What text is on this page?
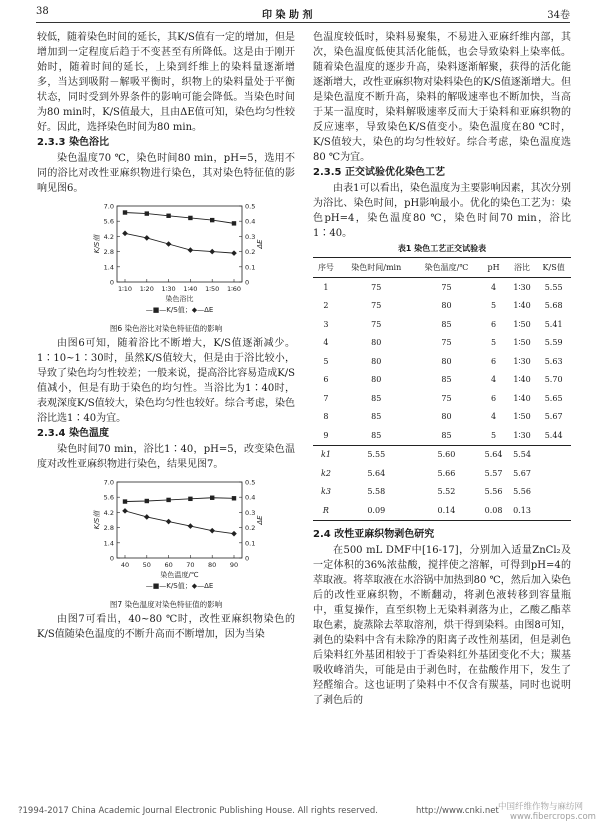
38	印 染 助 剂	34卷

较低，随着染色时间的延长，其K/S值有一定的增加，但是增加到一定程度后趋于不变甚至有所降低。这是由于刚开始时，随着时间的延长，上染到纤维上的染料量逐渐增多，当达到吸附－解吸平衡时，织物上的染料量处于平衡状态，同时受到外界条件的影响可能会降低。当染色时间为80 min时，K/S值最大，且由ΔE值可知，染色均匀性较好。因此，选择染色时间为80 min。

2.3.3 染色浴比

染色温度70 ℃，染色时间80 min，pH=5，选用不同的浴比对改性亚麻织物进行染色，其对染色特征值的影响见图6。

0
1.4
2.8
4.2
5.6
7.0
0
0.1
0.2
0.3
0.4
0.5
1∶10 1∶20 1∶30 1∶40 1∶50 1∶60
K/S值	ΔE
染色浴比
—■—K/S值；◆—ΔE
图6 染色浴比对染色特征值的影响

由图6可知，随着浴比不断增大，K/S值逐渐减少。1∶10~1∶30时，虽然K/S值较大，但是由于浴比较小，导致了染色均匀性较差；一般来说，提高浴比容易造成K/S值减小，但是有助于染色的均匀性。当浴比为1∶40时，表观深度K/S值较大，染色均匀性也较好。综合考虑，染色浴比选1∶40为宜。

2.3.4 染色温度

染色时间70 min，浴比1∶40，pH=5，改变染色温度对改性亚麻织物进行染色，结果见图7。

0
1.4
2.8
4.2
5.6
7.0
0
0.1
0.2
0.3
0.4
0.5
40 50 60 70 80 90
K/S值	ΔE
染色温度/℃
—■—K/S值；◆—ΔE
图7 染色温度对染色特征值的影响

由图7可看出，40~80 ℃时，改性亚麻织物染色的K/S值随染色温度的不断升高而不断增加，因为当染

色温度较低时，染料易聚集，不易进入亚麻纤维内部，其次，染色温度低使其活化能低，也会导致染料上染率低。随着染色温度的逐步升高，染料逐渐解聚，获得的活化能逐渐增大，改性亚麻织物对染料染色的K/S值逐渐增大。但是染色温度不断升高，染料的解吸速率也不断加快，当高于某一温度时，染料解吸速率反而大于染料和亚麻织物的反应速率，导致染色K/S值变小。染色温度在80 ℃时，K/S值较大，染色的均匀性较好。综合考虑，染色温度选80 ℃为宜。

2.3.5 正交试验优化染色工艺

由表1可以看出，染色温度为主要影响因素，其次分别为浴比、染色时间，pH影响最小。优化的染色工艺为：染色pH=4，染色温度80 ℃，染色时间70 min，浴比1∶40。

表1 染色工艺正交试验表
序号	染色时间/min	染色温度/℃	pH	浴比	K/S值
1	75	75	4	1∶30	5.55
2	75	80	5	1∶40	5.68
3	75	85	6	1∶50	5.41
4	80	75	5	1∶50	5.59
5	80	80	6	1∶30	5.63
6	80	85	4	1∶40	5.70
7	85	75	6	1∶40	5.65
8	85	80	4	1∶50	5.67
9	85	85	5	1∶30	5.44
k1	5.55	5.60	5.64	5.54	
k2	5.64	5.66	5.57	5.67	
k3	5.58	5.52	5.56	5.56	
R	0.09	0.14	0.08	0.13	
2.4 改性亚麻织物剥色研究

在500 mL DMF中[16-17]，分别加入适量ZnCl₂及一定体积的36%浓盐酸，搅拌使之溶解，可得到pH=4的萃取液。将萃取液在水浴锅中加热到80 ℃，然后加入染色后的改性亚麻织物，不断翻动，将剥色液转移到容量瓶中，重复操作，直至织物上无染料剥落为止，乙酸乙酯萃取色素，旋蒸除去萃取溶剂，烘干得到染料。由图8可知，剥色的染料中含有未除净的阳离子改性剂基团，但是剥色后染料红外基团相较于丁香染料红外基团变化不大；羰基吸收峰消失，可能是由于剥色时，在盐酸作用下，发生了羟醛缩合。这也证明了染料中不仅含有羰基，同时也说明了剥色后的

?1994-2017 China Academic Journal Electronic Publishing House. All rights reserved.	http://www.cnki.net 中国纤维作物与麻纺网
www.fibercrops.com
